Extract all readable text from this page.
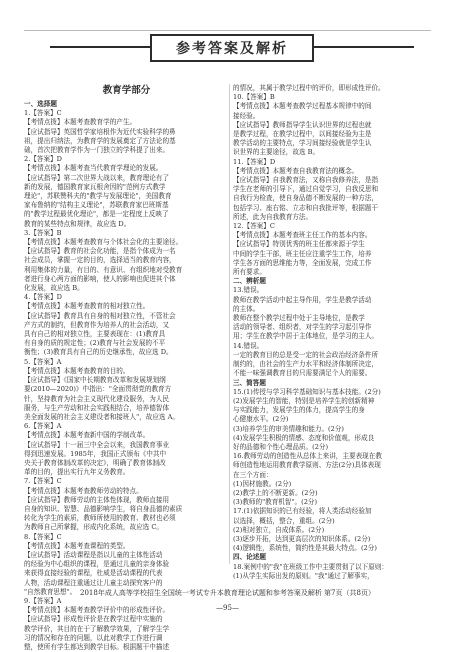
参考答案及解析
教育学部分
一、选择题
1.【答案】C
【考情点拨】本题考查教育学的产生。
【应试指导】英国哲学家培根作为近代实验科学的鼻
祖，提出归纳法，为教育学的发展奠定了方法论的基
础，首次把教育学作为一门独立的学科提了出来。
2.【答案】D
【考情点拨】本题考查当代教育学理论的发展。
【应试指导】第二次世界大战以来，教育理论有了
新的发展，德国教育家瓦根舍因的"范例方式教学
理论"，苏联赞科夫的"教学与发展理论"，美国教育
家布鲁纳的"结构主义理论"，苏联教育家巴班斯基
的"教学过程最优化理论"，都是一定程度上反映了
教育的某些特点和规律，故应选 D。
3.【答案】B
【考情点拨】本题考查教育与个体社会化的主要途径。
【应试指导】教育的社会化功能，是指个体成为一名
社会成员，掌握一定的目的，选择适当的教育内容，
利用集体的力量，有目的、有意识、有组织地对受教育
者进行身心两方面的影响，使人的影响也促进其个体
化发展，故应选 B。
4.【答案】D
【考情点拨】本题考查教育的相对独立性。
【应试指导】教育具有自身的相对独立性，不管社会
产方式的制约，但教育作为培养人的社会活动，又
具有自己的相对独立性，主要表现在：(1)教育具
有自身的质的规定性；(2)教育与社会发展的不平
衡性；(3)教育具有自己的历史继承性，故应选 D。
5.【答案】A
【考情点拨】本题考查教育的目的。
【应试指导】《国家中长期教育改革和发展规划纲
要(2010—2020)》中指出："全面贯彻党的教育方
针，坚持教育为社会主义现代化建设服务，为人民
服务，与生产劳动和社会实践相结合，培养德智体
美全面发展的社会主义建设者和接班人"，故应选 A。
6.【答案】A
【考情点拨】本题考查新中国的学制改革。
【应试指导】十一届三中全会以来，我国教育事业
得到迅速发展。1985年，我国正式颁布《中共中
央关于教育体制改革的决定》，明确了教育体制改
革的目的，提出实行九年义务教育。
7.【答案】C
【考情点拨】本题考查教师劳动的特点。
【应试指导】教师劳动的主体性体现，教师直接用
自身的知识、智慧、品德影响学生，将自身品德的素质
转化为学生的素质，教师所使用的教育、教材也必须
为教师自己所掌握，形成内化系统，故应选 C。
8.【答案】C
【考情点拨】本题考查课程的类型。
【应试指导】活动课程是指以儿童的主体性活动
的经验为中心组织的课程，是通过儿童的亲身体验
来获得直接经验的课程，杜威是活动课程的代表
人物，活动课程注重通过让儿童主动探究客户的
"自然教育思想"。
9.【答案】A
【考情点拨】本题考查教学评价中的形成性评价。
【应试指导】形成性评价是在教学过程中实施的
教学评价，其目的在于了解教学效果，了解学生学
习的情况和存在的问题，以此对教学工作进行调
整，使所有学生都达到教学目标。根据题干中描述
的情况，其属于教学过程中的评价，即形成性评价。
10.【答案】B
【考情点拨】本题考查教学过程基本规律中的间
接经验。
【应试指导】教师指导学生认识世界的过程也就
是教学过程，在教学过程中，以间接经验为主是
教学活动的主要特点，学习间接经验就是学生认
识世界的主要途径，故选 B。
11.【答案】D
【考情点拨】本题考查自我教育法的概念。
【应试指导】自我教育法，又称自我修养法，是指
学生在老师的引导下，通过自觉学习，自我反思和
自我行为检查，使自身品德不断发展的一种方法，
包括学习、座右铭、立志和自我批评等，根据题干
所述，此为自我教育方法。
12.【答案】C
【考情点拨】本题考查班主任工作的基本内容。
【应试指导】特别优秀的班主任都来源于学生
中间的学生干部，班主任应注重学生工作，培养
学生各方面的思维能力等，全面发展，完成工作
所有要求。
二、辨析题
13.错误。
教师在教学活动中起主导作用，学生是教学活动
的主体。
教师在整个教学过程中处于主导地位，是教学
活动的领导者、组织者，对学生的学习起引导作
用；学生在教学中居于主体地位，是学习的主人。
14.错误。
一定的教育目的总是受一定的社会政治经济条件所
制约的，由社会的生产力水平和经济体制所决定，
不能一味强调教育目的只需要满足个人的需要。
三、简答题
15.(1)传授与学习科学基础知识与基本技能。(2分)
(2)发展学生的智能，特别是培养学生的创新精神
与实践能力，发展学生的体力，提高学生的身
心健康水平。(2分)
(3)培养学生的审美情趣和能力。(2分)
(4)发展学生积极的情感、态度和价值观，形成良
好的品德和个性心理品质。(2分)
16.教师劳动的创造性从总体上来讲，主要表现在教
师创造性地运用教育教学原则、方法(2分)具体表现
在三个方面：
(1)因材施教。(2分)
(2)教学上的不断更新。(2分)
(3)教师的"教育机智"。(2分)
17.(1)依据知识的已有经验，将人类活动经验加
以选择，概括，整合，重组。(2分)
(2)相对独立，自成体系。(2分)
(3)逐步开拓，达到更高层次的知识体系。(2分)
(4)逻辑性，系统性，简约性是其最大特点。(2分)
四、论述题
18.案例中的"我"在班级工作中主要贯彻了以下原则：
(1)从学生实际出发的原则。"我"通过了解事实，
2018年成人高等学校招生全国统一考试专升本教育理论试题和参考答案及解析 第7页（共8页）
—95—
